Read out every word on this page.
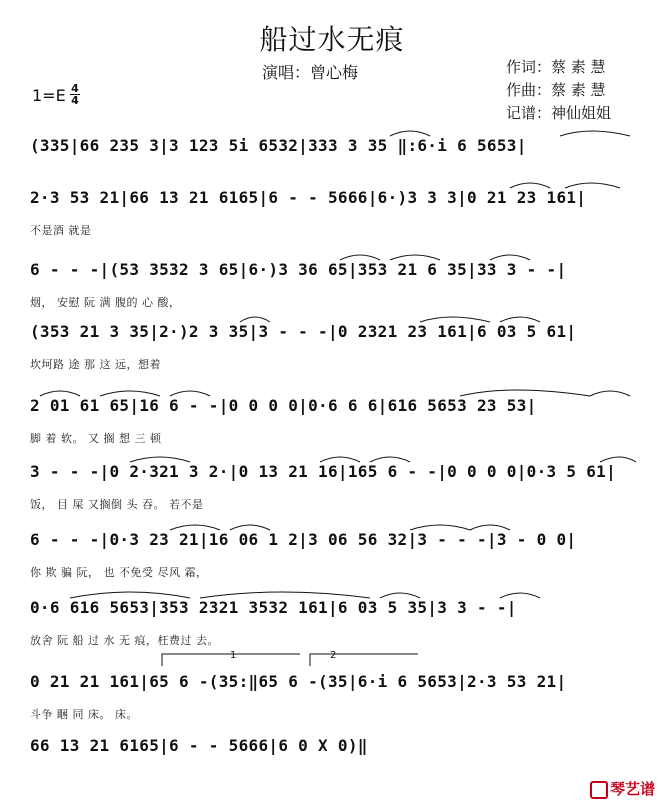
船过水无痕
演唱：曾心梅	作词：蔡 素 慧
作曲：蔡 素 慧
记谱：神仙姐姐
1=E 4
4
(335|66 235 3|3 123 5i 6532|333 3 35 ‖:6·i 6 5653|
2·3 53 21|66 13 21 6165|6 - - 5666|6·)3 3 3|0 21 23 161|
不是酒 就是
6 - - -|(53 3532 3 65|6·)3 36 65|353 21 6 35|33 3 - -|
烟， 安慰 阮 满 腹的 心 酸，
(353 21 3 35|2·)2 3 35|3 - - -|0 2321 23 161|6 03 5 61|
坎坷路 途 那 这 远，想着
2 01 61 65|16 6 - -|0 0 0 0|0·6 6 6|616 5653 23 53|
脚 着 软。 又 搁 想 三 顿
3 - - -|0 2·321 3 2·|0 13 21 16|165 6 - -|0 0 0 0|0·3 5 61|
饭， 目 屎 又搁倒 头 吞。 若不是
6 - - -|0·3 23 21|16 06 1 2|3 06 56 32|3 - - -|3 - 0 0|
你 欺 骗 阮， 也 不免受 尽风 霜，
0·6 616 5653|353 2321 3532 161|6 03 5 35|3 3 - -|
放舍 阮 船 过 水 无 痕，枉费过 去。
1	2
0 21 21 161|65 6 -(35:‖65 6 -(35|6·i 6 5653|2·3 53 21|
斗争 睏 同 床。 床。
66 13 21 6165|6 - - 5666|6 0 X 0)‖
琴艺谱
